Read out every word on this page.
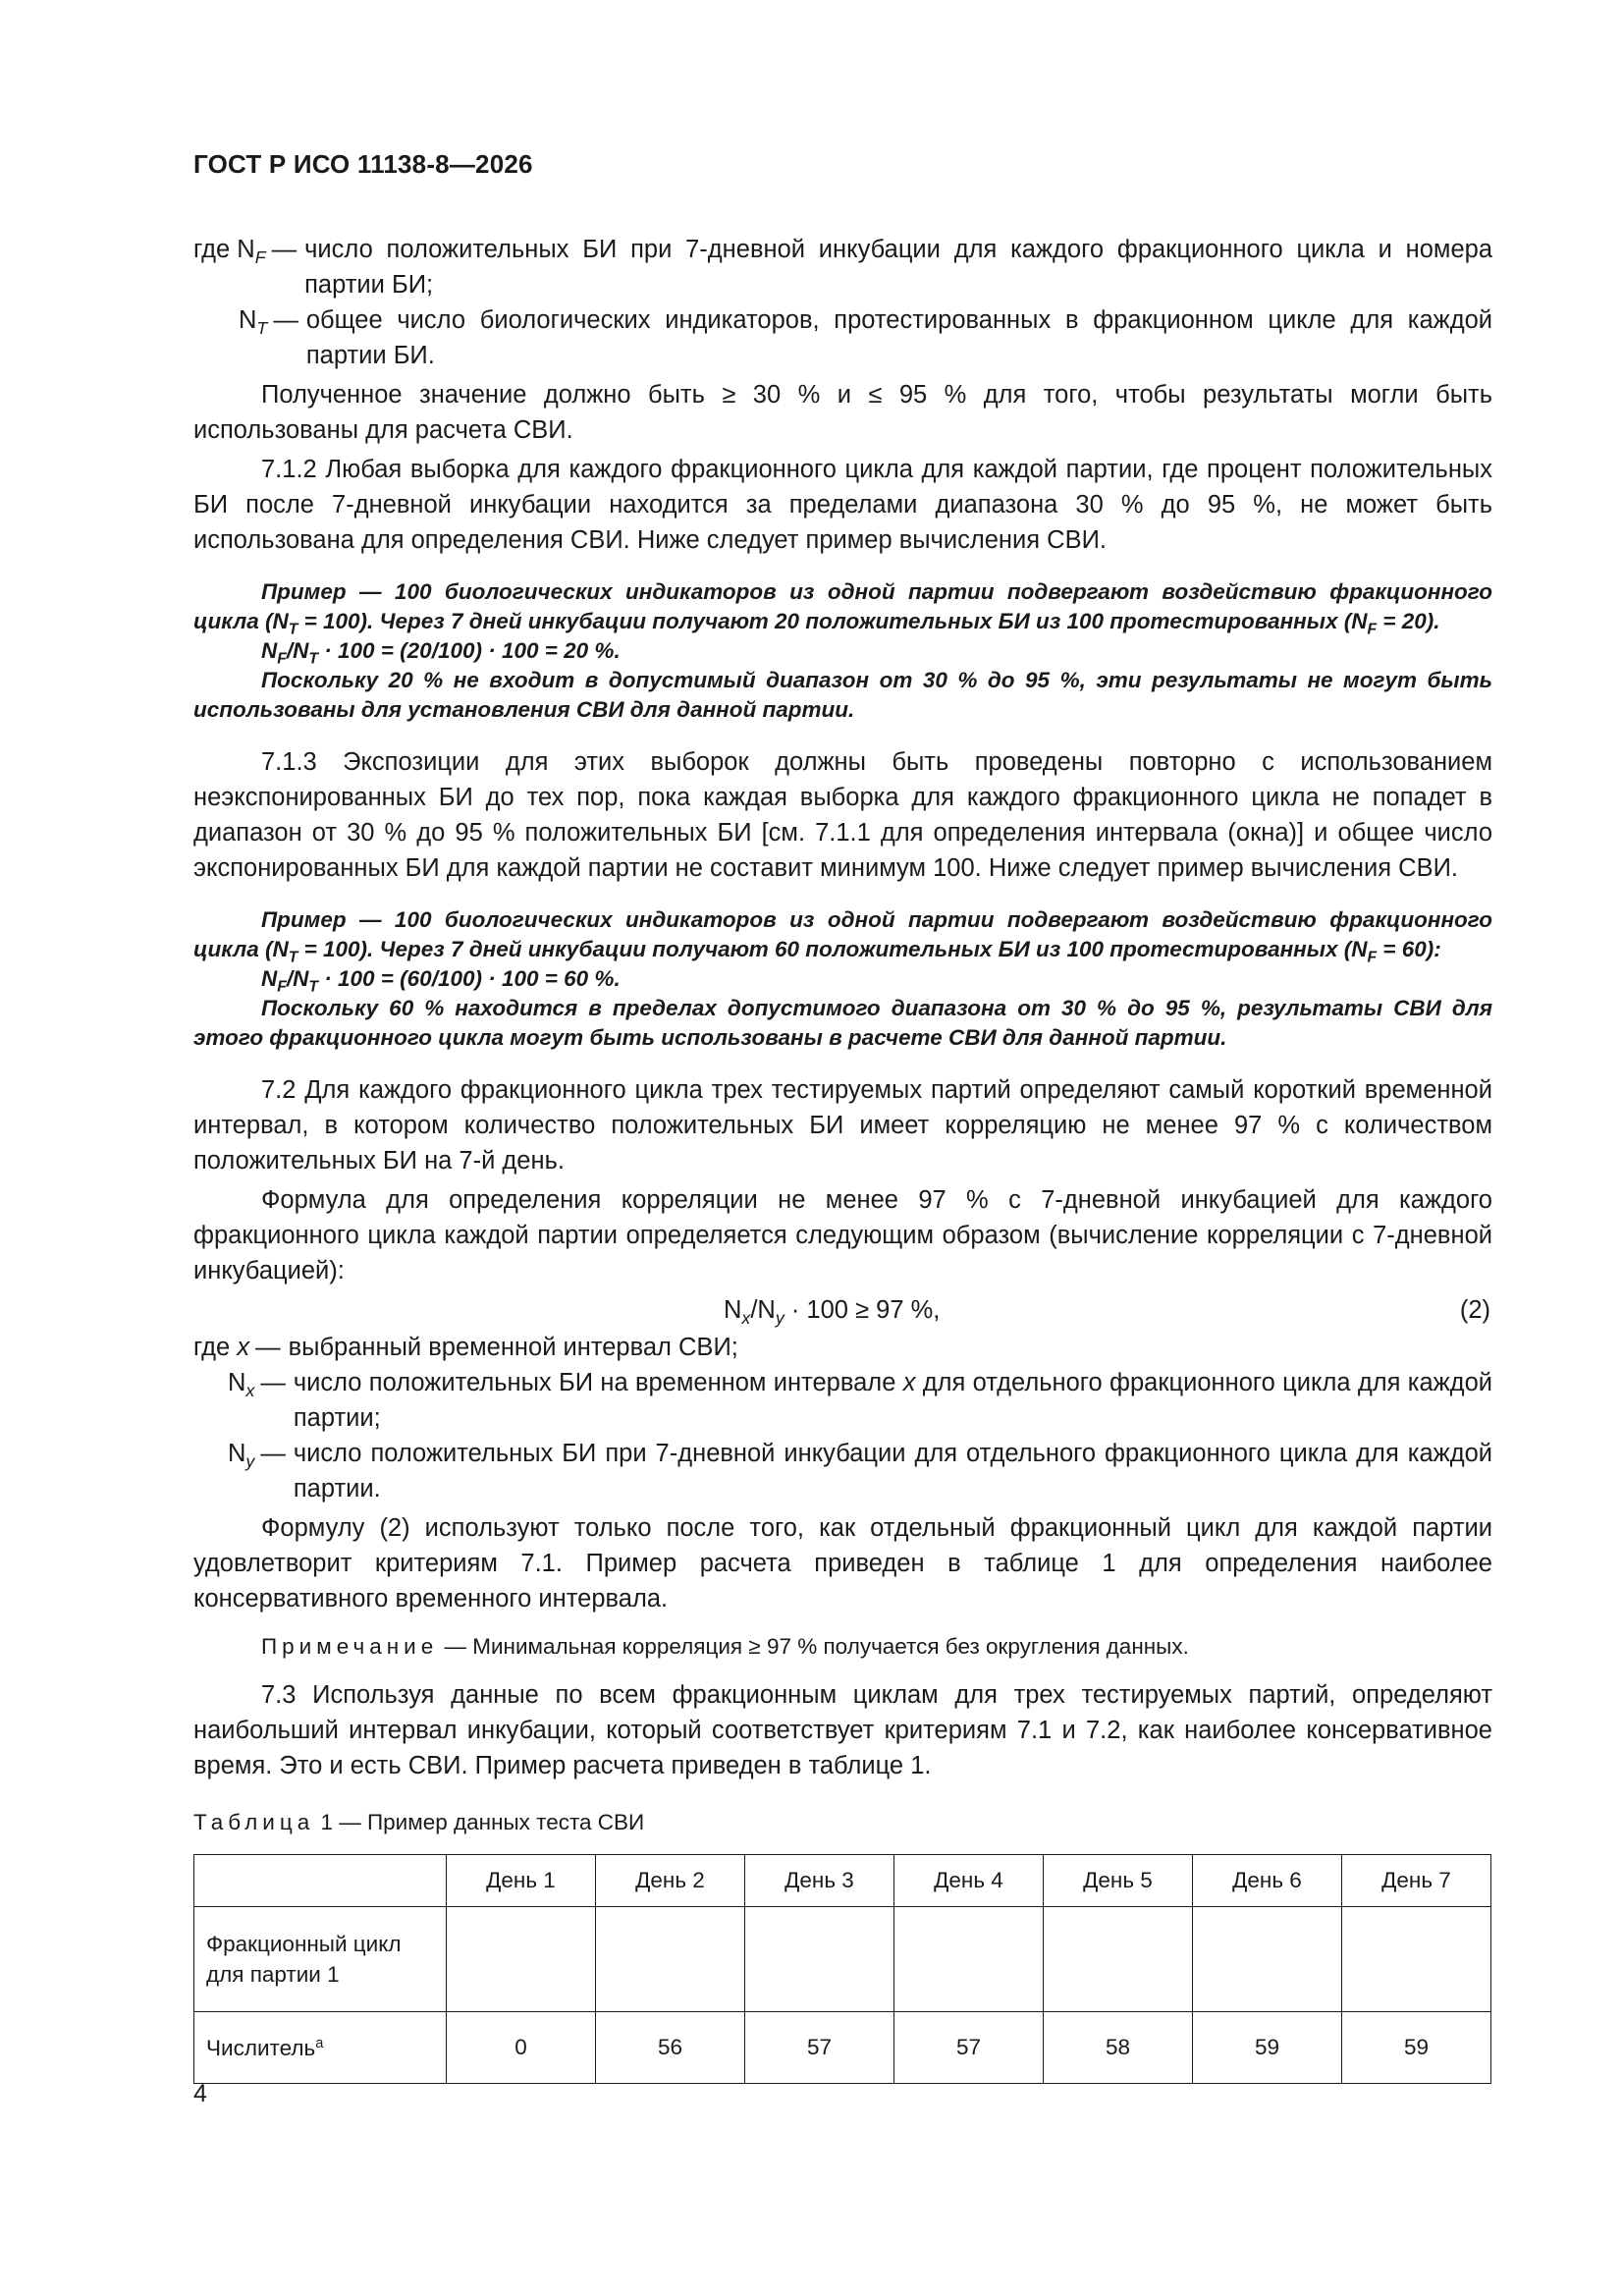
ГОСТ Р ИСО 11138-8—2026
где $N_F$ — число положительных БИ при 7-дневной инкубации для каждого фракционного цикла и номера партии БИ;
$N_T$ — общее число биологических индикаторов, протестированных в фракционном цикле для каждой партии БИ.

Полученное значение должно быть ≥ 30 % и ≤ 95 % для того, чтобы результаты могли быть использованы для расчета СВИ.

7.1.2 Любая выборка для каждого фракционного цикла для каждой партии, где процент положительных БИ после 7-дневной инкубации находится за пределами диапазона 30 % до 95 %, не может быть использована для определения СВИ. Ниже следует пример вычисления СВИ.

Пример — 100 биологических индикаторов из одной партии подвергают воздействию фракционного цикла $(N_T = 100)$. Через 7 дней инкубации получают 20 положительных БИ из 100 протестированных $(N_F = 20)$.

$N_F/N_T \cdot 100 = (20/100) \cdot 100 = 20$ %.

Поскольку 20 % не входит в допустимый диапазон от 30 % до 95 %, эти результаты не могут быть использованы для установления СВИ для данной партии.

7.1.3 Экспозиции для этих выборок должны быть проведены повторно с использованием неэкспонированных БИ до тех пор, пока каждая выборка для каждого фракционного цикла не попадет в диапазон от 30 % до 95 % положительных БИ [см. 7.1.1 для определения интервала (окна)] и общее число экспонированных БИ для каждой партии не составит минимум 100. Ниже следует пример вычисления СВИ.

Пример — 100 биологических индикаторов из одной партии подвергают воздействию фракционного цикла $(N_T = 100)$. Через 7 дней инкубации получают 60 положительных БИ из 100 протестированных $(N_F = 60)$:

$N_F/N_T \cdot 100 = (60/100) \cdot 100 = 60$ %.

Поскольку 60 % находится в пределах допустимого диапазона от 30 % до 95 %, результаты СВИ для этого фракционного цикла могут быть использованы в расчете СВИ для данной партии.

7.2 Для каждого фракционного цикла трех тестируемых партий определяют самый короткий временной интервал, в котором количество положительных БИ имеет корреляцию не менее 97 % с количеством положительных БИ на 7-й день.

Формула для определения корреляции не менее 97 % с 7-дневной инкубацией для каждого фракционного цикла каждой партии определяется следующим образом (вычисление корреляции с 7-дневной инкубацией):

$N_x/N_y \cdot 100 \ge 97$ %,	(2)
где x — выбранный временной интервал СВИ;
$N_x$ — число положительных БИ на временном интервале x для отдельного фракционного цикла для каждой партии;
$N_y$ — число положительных БИ при 7-дневной инкубации для отдельного фракционного цикла для каждой партии.

Формулу (2) используют только после того, как отдельный фракционный цикл для каждой партии удовлетворит критериям 7.1. Пример расчета приведен в таблице 1 для определения наиболее консервативного временного интервала.

Примечание — Минимальная корреляция ≥ 97 % получается без округления данных.

7.3 Используя данные по всем фракционным циклам для трех тестируемых партий, определяют наибольший интервал инкубации, который соответствует критериям 7.1 и 7.2, как наиболее консервативное время. Это и есть СВИ. Пример расчета приведен в таблице 1.

Таблица 1 — Пример данных теста СВИ
	День 1	День 2	День 3	День 4	День 5	День 6	День 7
Фракционный цикл для партии 1							
Числитель$^a$	0	56	57	57	58	59	59
4
